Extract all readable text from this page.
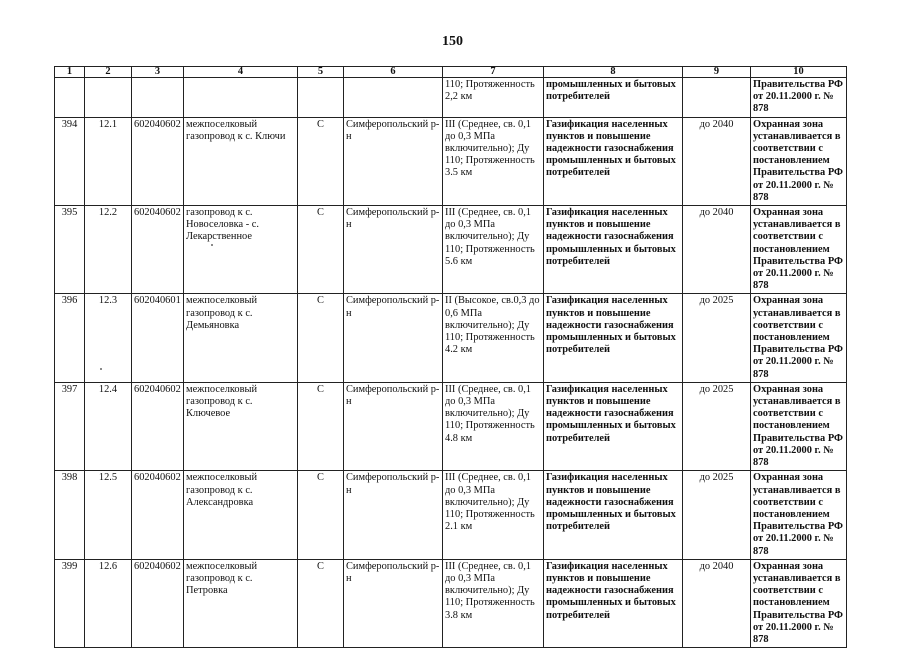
150
1	2	3	4	5	6	7	8	9	10
						110; Протяженность 2,2 км	промышленных и бытовых потребителей		Правительства РФ от 20.11.2000 г. № 878
394	12.1	602040602	межпоселковый газопровод к с. Ключи	С	Симферопольский р-н	III (Среднее, св. 0,1 до 0,3 МПа включительно); Ду 110; Протяженность 3.5 км	Газификация населенных пунктов и повышение надежности газоснабжения промышленных и бытовых потребителей	до 2040	Охранная зона устанавливается в соответствии с постановлением Правительства РФ от 20.11.2000 г. № 878
395	12.2	602040602	газопровод к с. Новоселовка - с. Лекарственное	С	Симферопольский р-н	III (Среднее, св. 0,1 до 0,3 МПа включительно); Ду 110; Протяженность 5.6 км	Газификация населенных пунктов и повышение надежности газоснабжения промышленных и бытовых потребителей	до 2040	Охранная зона устанавливается в соответствии с постановлением Правительства РФ от 20.11.2000 г. № 878
396	12.3	602040601	межпоселковый газопровод к с. Демьяновка	С	Симферопольский р-н	II (Высокое, св.0,3 до 0,6 МПа включительно); Ду 110; Протяженность 4.2 км	Газификация населенных пунктов и повышение надежности газоснабжения промышленных и бытовых потребителей	до 2025	Охранная зона устанавливается в соответствии с постановлением Правительства РФ от 20.11.2000 г. № 878
397	12.4	602040602	межпоселковый газопровод к с. Ключевое	С	Симферопольский р-н	III (Среднее, св. 0,1 до 0,3 МПа включительно); Ду 110; Протяженность 4.8 км	Газификация населенных пунктов и повышение надежности газоснабжения промышленных и бытовых потребителей	до 2025	Охранная зона устанавливается в соответствии с постановлением Правительства РФ от 20.11.2000 г. № 878
398	12.5	602040602	межпоселковый газопровод к с. Александровка	С	Симферопольский р-н	III (Среднее, св. 0,1 до 0,3 МПа включительно); Ду 110; Протяженность 2.1 км	Газификация населенных пунктов и повышение надежности газоснабжения промышленных и бытовых потребителей	до 2025	Охранная зона устанавливается в соответствии с постановлением Правительства РФ от 20.11.2000 г. № 878
399	12.6	602040602	межпоселковый газопровод к с. Петровка	С	Симферопольский р-н	III (Среднее, св. 0,1 до 0,3 МПа включительно); Ду 110; Протяженность 3.8 км	Газификация населенных пунктов и повышение надежности газоснабжения промышленных и бытовых потребителей	до 2040	Охранная зона устанавливается в соответствии с постановлением Правительства РФ от 20.11.2000 г. № 878
